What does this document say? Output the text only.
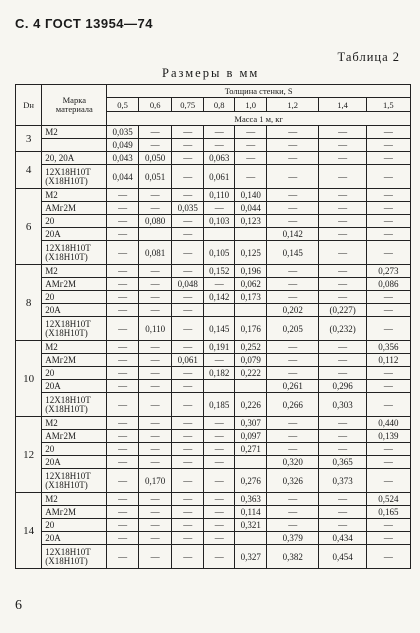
С. 4 ГОСТ 13954—74
Таблица 2
Размеры в мм
Dн	Марка материала	Толщина стенки, S							
		0,5	0,6	0,75	0,8	1,0	1,2	1,4	1,5
		Масса 1 м, кг							
3	М2	0,035	—	—	—	—	—	—	—
		0,049	—	—	—	—	—	—	—
4	20, 20А	0,043	0,050	—	0,063	—	—	—	—
	12Х18Н10Т (Х18Н10Т)	0,044	0,051	—	0,061	—	—	—	—
6	М2	—	—	—	0,110	0,140	—	—	—
	АМг2М	—	—	0,035	—	0,044	—	—	—
	20	—	0,080	—	0,103	0,123	—	—	—
	20А	—		—			0,142	—	—
	12Х18Н10Т (Х18Н10Т)	—	0,081	—	0,105	0,125	0,145	—	—
8	М2	—	—	—	0,152	0,196	—	—	0,273
	АМг2М	—	—	0,048	—	0,062	—	—	0,086
	20	—	—	—	0,142	0,173	—	—	—
	20А	—	—	—			0,202	(0,227)	—
	12Х18Н10Т (Х18Н10Т)	—	0,110	—	0,145	0,176	0,205	(0,232)	—
10	М2	—	—	—	0,191	0,252	—	—	0,356
	АМг2М	—	—	0,061	—	0,079	—	—	0,112
	20	—	—	—	0,182	0,222	—	—	—
	20А	—	—	—			0,261	0,296	—
	12Х18Н10Т (Х18Н10Т)	—	—	—	0,185	0,226	0,266	0,303	—
12	М2	—	—	—	—	0,307	—	—	0,440
	АМг2М	—	—	—	—	0,097	—	—	0,139
	20	—	—	—	—	0,271	—	—	—
	20А	—	—	—	—		0,320	0,365	—
	12Х18Н10Т (Х18Н10Т)	—	0,170	—	—	0,276	0,326	0,373	—
14	М2	—	—	—	—	0,363	—	—	0,524
	АМг2М	—	—	—	—	0,114	—	—	0,165
	20	—	—	—	—	0,321	—	—	—
	20А	—	—	—	—		0,379	0,434	—
	12Х18Н10Т (Х18Н10Т)	—	—	—	—	0,327	0,382	0,454	—
6
